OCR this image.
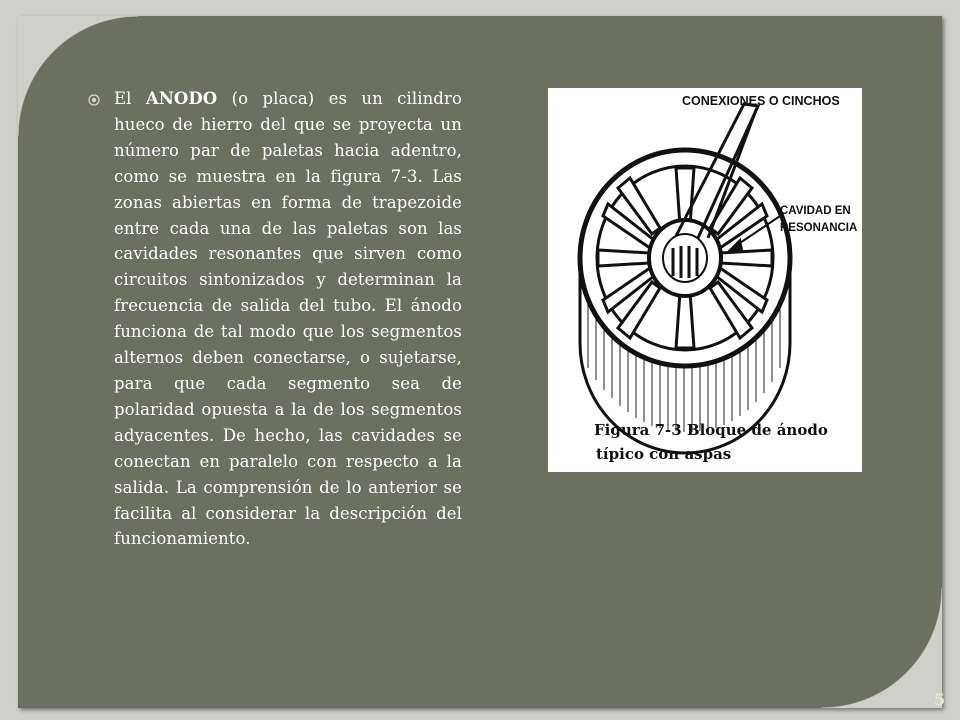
El ANODO (o placa) es un cilindro hueco de hierro del que se proyecta un número par de paletas hacia adentro, como se muestra en la figura 7-3. Las zonas abiertas en forma de trapezoide entre cada una de las paletas son las cavidades resonantes que sirven como circuitos sintonizados y determinan la frecuencia de salida del tubo. El ánodo funciona de tal modo que los segmentos alternos deben conectarse, o sujetarse, para que cada segmento sea de polaridad opuesta a la de los segmentos adyacentes. De hecho, las cavidades se conectan en paralelo con respecto a la salida. La comprensión de lo anterior se facilita al considerar la descripción del funcionamiento.
CONEXIONES O CINCHOS
CAVIDAD EN
RESONANCIA
Figura 7-3 Bloque de ánodo
típico con aspas
5
